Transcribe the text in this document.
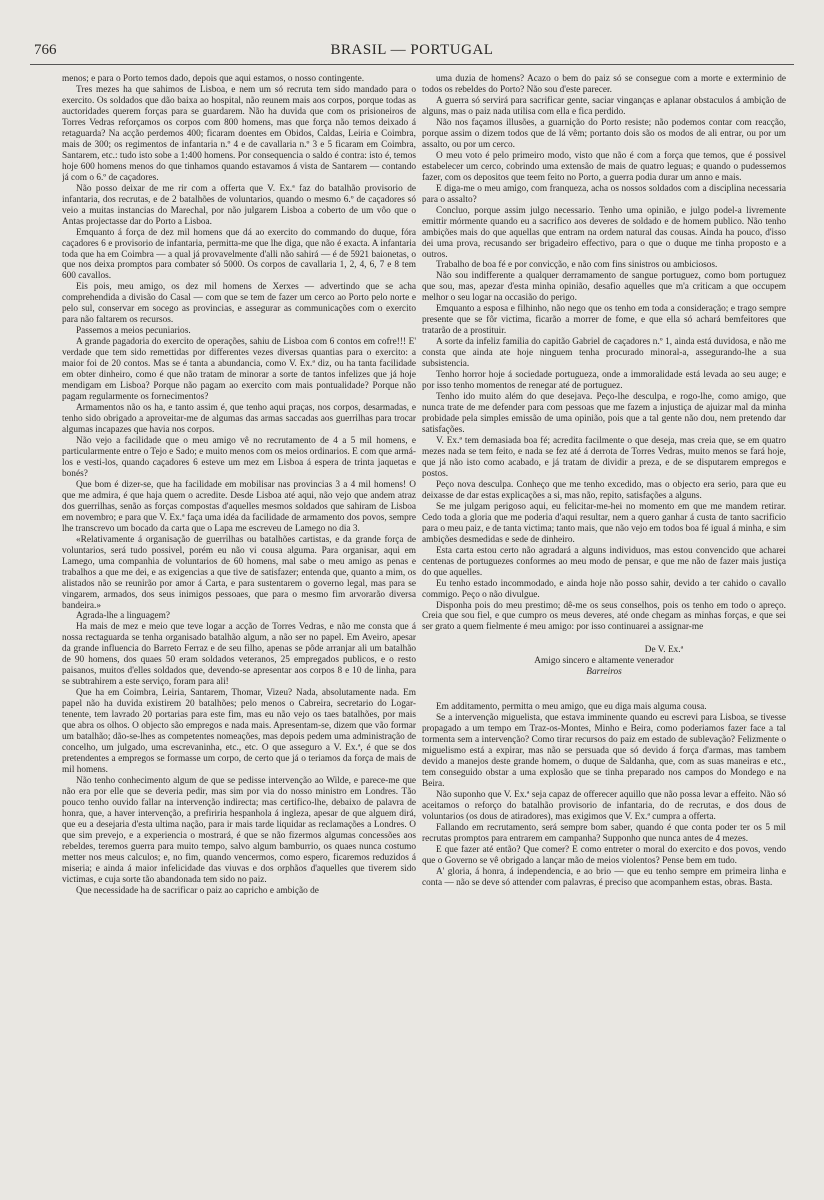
766	BRASIL — PORTUGAL

menos; e para o Porto temos dado, depois que aqui estamos, o nosso contingente.

Tres mezes ha que sahimos de Lisboa, e nem um só recruta tem sido mandado para o exercito. Os soldados que dão baixa ao hospital, não reunem mais aos corpos, porque todas as auctoridades querem forças para se guardarem. Não ha duvida que com os prisioneiros de Torres Vedras reforçamos os corpos com 800 homens, mas que força não temos deixado á retaguarda? Na acção perdemos 400; ficaram doentes em Obidos, Caldas, Leiria e Coimbra, mais de 300; os regimentos de infantaria n.º 4 e de cavallaria n.º 3 e 5 ficaram em Coimbra, Santarem, etc.: tudo isto sobe a 1:400 homens. Por consequencia o saldo é contra: isto é, temos hoje 600 homens menos do que tinhamos quando estavamos á vista de Santarem — contando já com o 6.º de caçadores.

Não posso deixar de me rir com a offerta que V. Ex.ª faz do batalhão provisorio de infantaria, dos recrutas, e de 2 batalhões de voluntarios, quando o mesmo 6.º de caçadores só veio a muitas instancias do Marechal, por não julgarem Lisboa a coberto de um vôo que o Antas projectasse dar do Porto a Lisboa.

Emquanto á força de dez mil homens que dá ao exercito do commando do duque, fóra caçadores 6 e provisorio de infantaria, permitta-me que lhe diga, que não é exacta. A infantaria toda que ha em Coimbra — a qual já provavelmente d'alli não sahirá — é de 5921 baionetas, o que nos deixa promptos para combater só 5000. Os corpos de cavallaria 1, 2, 4, 6, 7 e 8 tem 600 cavallos.

Eis pois, meu amigo, os dez mil homens de Xerxes — advertindo que se acha comprehendida a divisão do Casal — com que se tem de fazer um cerco ao Porto pelo norte e pelo sul, conservar em socego as provincias, e assegurar as communicações com o exercito para não faltarem os recursos.

Passemos a meios pecuniarios.

A grande pagadoria do exercito de operações, sahiu de Lisboa com 6 contos em cofre!!! E' verdade que tem sido remettidas por differentes vezes diversas quantias para o exercito: a maior foi de 20 contos. Mas se é tanta a abundancia, como V. Ex.ª diz, ou ha tanta facilidade em obter dinheiro, como é que não tratam de minorar a sorte de tantos infelizes que já hoje mendigam em Lisboa? Porque não pagam ao exercito com mais pontualidade? Porque não pagam regularmente os fornecimentos?

Armamentos não os ha, e tanto assim é, que tenho aqui praças, nos corpos, desarmadas, e tenho sido obrigado a aproveitar-me de algumas das armas saccadas aos guerrilhas para trocar algumas incapazes que havia nos corpos.

Não vejo a facilidade que o meu amigo vê no recrutamento de 4 a 5 mil homens, e particularmente entre o Tejo e Sado; e muito menos com os meios ordinarios. E com que armá-los e vesti-los, quando caçadores 6 esteve um mez em Lisboa á espera de trinta jaquetas e bonés?

Que bom é dizer-se, que ha facilidade em mobilisar nas provincias 3 a 4 mil homens! O que me admira, é que haja quem o acredite. Desde Lisboa até aqui, não vejo que andem atraz dos guerrilhas, senão as forças compostas d'aquelles mesmos soldados que sahiram de Lisboa em novembro; e para que V. Ex.ª faça uma idéa da facilidade de armamento dos povos, sempre lhe transcrevo um bocado da carta que o Lapa me escreveu de Lamego no dia 3.

«Relativamente á organisação de guerrilhas ou batalhões cartistas, e da grande força de voluntarios, será tudo possivel, porém eu não vi cousa alguma. Para organisar, aqui em Lamego, uma companhia de voluntarios de 60 homens, mal sabe o meu amigo as penas e trabalhos a que me dei, e as exigencias a que tive de satisfazer; entenda que, quanto a mim, os alistados não se reunirão por amor á Carta, e para sustentarem o governo legal, mas para se vingarem, armados, dos seus inimigos pessoaes, que para o mesmo fim arvorarão diversa bandeira.»

Agrada-lhe a linguagem?

Ha mais de mez e meio que teve logar a acção de Torres Vedras, e não me consta que á nossa rectaguarda se tenha organisado batalhão algum, a não ser no papel. Em Aveiro, apesar da grande influencia do Barreto Ferraz e de seu filho, apenas se pôde arranjar ali um batalhão de 90 homens, dos quaes 50 eram soldados veteranos, 25 empregados publicos, e o resto paisanos, muitos d'elles soldados que, devendo-se apresentar aos corpos 8 e 10 de linha, para se subtrahirem a este serviço, foram para ali!

Que ha em Coimbra, Leiria, Santarem, Thomar, Vizeu? Nada, absolutamente nada. Em papel não ha duvida existirem 20 batalhões; pelo menos o Cabreira, secretario do Logar-tenente, tem lavrado 20 portarias para este fim, mas eu não vejo os taes batalhões, por mais que abra os olhos. O objecto são empregos e nada mais. Apresentam-se, dizem que vão formar um batalhão; dão-se-lhes as competentes nomeações, mas depois pedem uma administração de concelho, um julgado, uma escrevaninha, etc., etc. O que asseguro a V. Ex.ª, é que se dos pretendentes a empregos se formasse um corpo, de certo que já o teriamos da força de mais de mil homens.

Não tenho conhecimento algum de que se pedisse intervenção ao Wilde, e parece-me que não era por elle que se deveria pedir, mas sim por via do nosso ministro em Londres. Tão pouco tenho ouvido fallar na intervenção indirecta; mas certifico-lhe, debaixo de palavra de honra, que, a haver intervenção, a prefiriria hespanhola á ingleza, apesar de que alguem dirá, que eu a desejaria d'esta ultima nação, para ir mais tarde liquidar as reclamações a Londres. O que sim prevejo, e a experiencia o mostrará, é que se não fizermos algumas concessões aos rebeldes, teremos guerra para muito tempo, salvo algum bamburrio, os quaes nunca costumo metter nos meus calculos; e, no fim, quando vencermos, como espero, ficaremos reduzidos á miseria; e ainda á maior infelicidade das viuvas e dos orphãos d'aquelles que tiverem sido victimas, e cuja sorte tão abandonada tem sido no paiz.

Que necessidade ha de sacrificar o paiz ao capricho e ambição de

uma duzia de homens? Acazo o bem do paiz só se consegue com a morte e exterminio de todos os rebeldes do Porto? Não sou d'este parecer.

A guerra só servirá para sacrificar gente, saciar vinganças e aplanar obstaculos á ambição de alguns, mas o paiz nada utilisa com ella e fica perdido.

Não nos façamos illusões, a guarnição do Porto resiste; não podemos contar com reacção, porque assim o dizem todos que de lá vêm; portanto dois são os modos de ali entrar, ou por um assalto, ou por um cerco.

O meu voto é pelo primeiro modo, visto que não é com a força que temos, que é possivel estabelecer um cerco, cobrindo uma extensão de mais de quatro leguas; e quando o pudessemos fazer, com os depositos que teem feito no Porto, a guerra podia durar um anno e mais.

E diga-me o meu amigo, com franqueza, acha os nossos soldados com a disciplina necessaria para o assalto?

Concluo, porque assim julgo necessario. Tenho uma opinião, e julgo podel-a livremente emittir mórmente quando eu a sacrifico aos deveres de soldado e de homem publico. Não tenho ambições mais do que aquellas que entram na ordem natural das cousas. Ainda ha pouco, d'isso dei uma prova, recusando ser brigadeiro effectivo, para o que o duque me tinha proposto e a outros.

Trabalho de boa fé e por convicção, e não com fins sinistros ou ambiciosos.

Não sou indifferente a qualquer derramamento de sangue portuguez, como bom portuguez que sou, mas, apezar d'esta minha opinião, desafio aquelles que m'a criticam a que occupem melhor o seu logar na occasião do perigo.

Emquanto a esposa e filhinho, não nego que os tenho em toda a consideração; e trago sempre presente que se fôr victima, ficarão a morrer de fome, e que ella só achará bemfeitores que tratarão de a prostituir.

A sorte da infeliz familia do capitão Gabriel de caçadores n.º 1, ainda está duvidosa, e não me consta que ainda ate hoje ninguem tenha procurado minoral-a, assegurando-lhe a sua subsistencia.

Tenho horror hoje á sociedade portugueza, onde a immoralidade está levada ao seu auge; e por isso tenho momentos de renegar até de portuguez.

Tenho ido muito além do que desejava. Peço-lhe desculpa, e rogo-lhe, como amigo, que nunca trate de me defender para com pessoas que me fazem a injustiça de ajuizar mal da minha probidade pela simples emissão de uma opinião, pois que a tal gente não dou, nem pretendo dar satisfações.

V. Ex.ª tem demasiada boa fé; acredita facilmente o que deseja, mas creia que, se em quatro mezes nada se tem feito, e nada se fez até á derrota de Torres Vedras, muito menos se fará hoje, que já não isto como acabado, e já tratam de dividir a preza, e de se disputarem empregos e postos.

Peço nova desculpa. Conheço que me tenho excedido, mas o objecto era serio, para que eu deixasse de dar estas explicações a si, mas não, repito, satisfações a alguns.

Se me julgam perigoso aqui, eu felicitar-me-hei no momento em que me mandem retirar. Cedo toda a gloria que me poderia d'aqui resultar, nem a quero ganhar á custa de tanto sacrificio para o meu paiz, e de tanta victima; tanto mais, que não vejo em todos boa fé igual á minha, e sim ambições desmedidas e sede de dinheiro.

Esta carta estou certo não agradará a alguns individuos, mas estou convencido que acharei centenas de portuguezes conformes ao meu modo de pensar, e que me não de fazer mais justiça do que aquelles.

Eu tenho estado incommodado, e ainda hoje não posso sahir, devido a ter cahido o cavallo commigo. Peço o não divulgue.

Disponha pois do meu prestimo; dê-me os seus conselhos, pois os tenho em todo o apreço. Creia que sou fiel, e que cumpro os meus deveres, até onde chegam as minhas forças, e que sei ser grato a quem fielmente é meu amigo: por isso continuarei a assignar-me

De V. Ex.ª
Amigo sincero e altamente venerador
Barreiros

Em additamento, permitta o meu amigo, que eu diga mais alguma cousa.

Se a intervenção miguelista, que estava imminente quando eu escrevi para Lisboa, se tivesse propagado a um tempo em Traz-os-Montes, Minho e Beira, como poderiamos fazer face a tal tormenta sem a intervenção? Como tirar recursos do paiz em estado de sublevação? Felizmente o miguelismo está a expirar, mas não se persuada que só devido á força d'armas, mas tambem devido a manejos deste grande homem, o duque de Saldanha, que, com as suas maneiras e etc., tem conseguido obstar a uma explosão que se tinha preparado nos campos do Mondego e na Beira.

Não suponho que V. Ex.ª seja capaz de offerecer aquillo que não possa levar a effeito. Não só aceitamos o reforço do batalhão provisorio de infantaria, do de recrutas, e dos dous de voluntarios (os dous de atiradores), mas exigimos que V. Ex.ª cumpra a offerta.

Fallando em recrutamento, será sempre bom saber, quando é que conta poder ter os 5 mil recrutas promptos para entrarem em campanha? Supponho que nunca antes de 4 mezes.

E que fazer até então? Que comer? E como entreter o moral do exercito e dos povos, vendo que o Governo se vê obrigado a lançar mão de meios violentos? Pense bem em tudo.

A' gloria, á honra, á independencia, e ao brio — que eu tenho sempre em primeira linha e conta — não se deve só attender com palavras, é preciso que acompanhem estas, obras. Basta.
